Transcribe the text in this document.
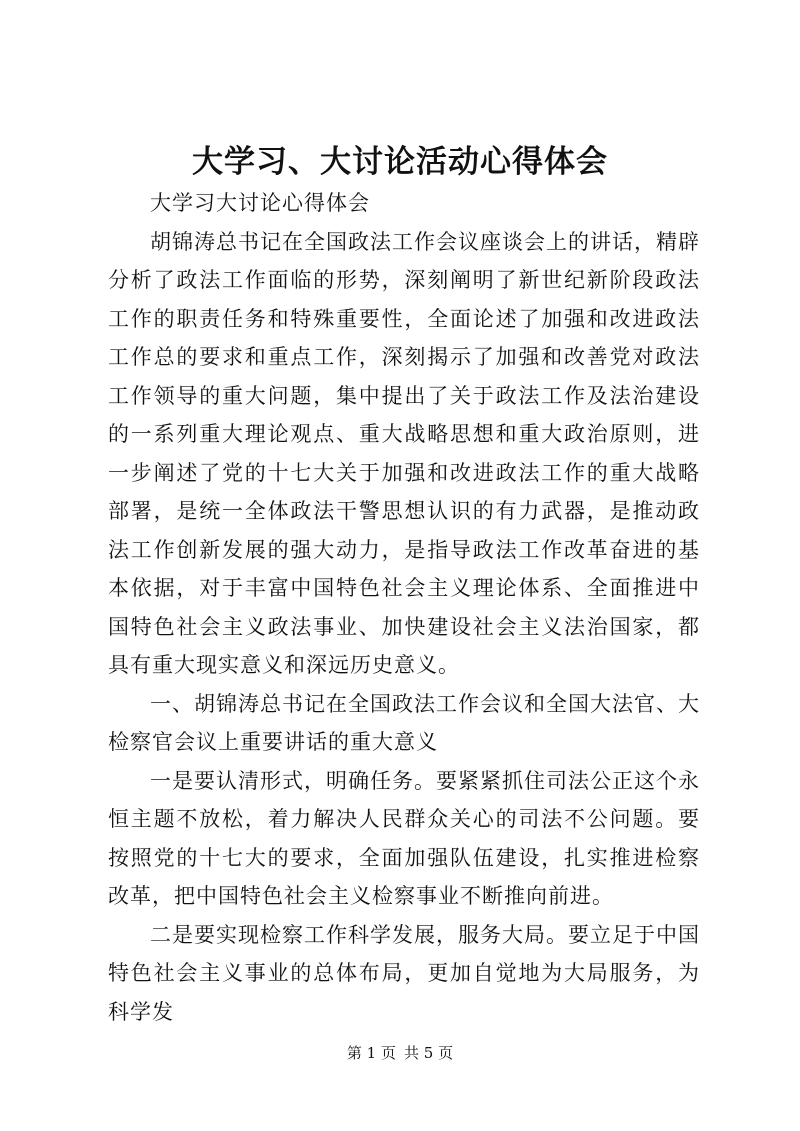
大学习、大讨论活动心得体会

大学习大讨论心得体会

胡锦涛总书记在全国政法工作会议座谈会上的讲话，精辟分析了政法工作面临的形势，深刻阐明了新世纪新阶段政法工作的职责任务和特殊重要性，全面论述了加强和改进政法工作总的要求和重点工作，深刻揭示了加强和改善党对政法工作领导的重大问题，集中提出了关于政法工作及法治建设的一系列重大理论观点、重大战略思想和重大政治原则，进一步阐述了党的十七大关于加强和改进政法工作的重大战略部署，是统一全体政法干警思想认识的有力武器，是推动政法工作创新发展的强大动力，是指导政法工作改革奋进的基本依据，对于丰富中国特色社会主义理论体系、全面推进中国特色社会主义政法事业、加快建设社会主义法治国家，都具有重大现实意义和深远历史意义。

一、胡锦涛总书记在全国政法工作会议和全国大法官、大检察官会议上重要讲话的重大意义

一是要认清形式，明确任务。要紧紧抓住司法公正这个永恒主题不放松，着力解决人民群众关心的司法不公问题。要按照党的十七大的要求，全面加强队伍建设，扎实推进检察改革，把中国特色社会主义检察事业不断推向前进。

二是要实现检察工作科学发展，服务大局。要立足于中国特色社会主义事业的总体布局，更加自觉地为大局服务，为科学发

第 1 页 共 5 页
